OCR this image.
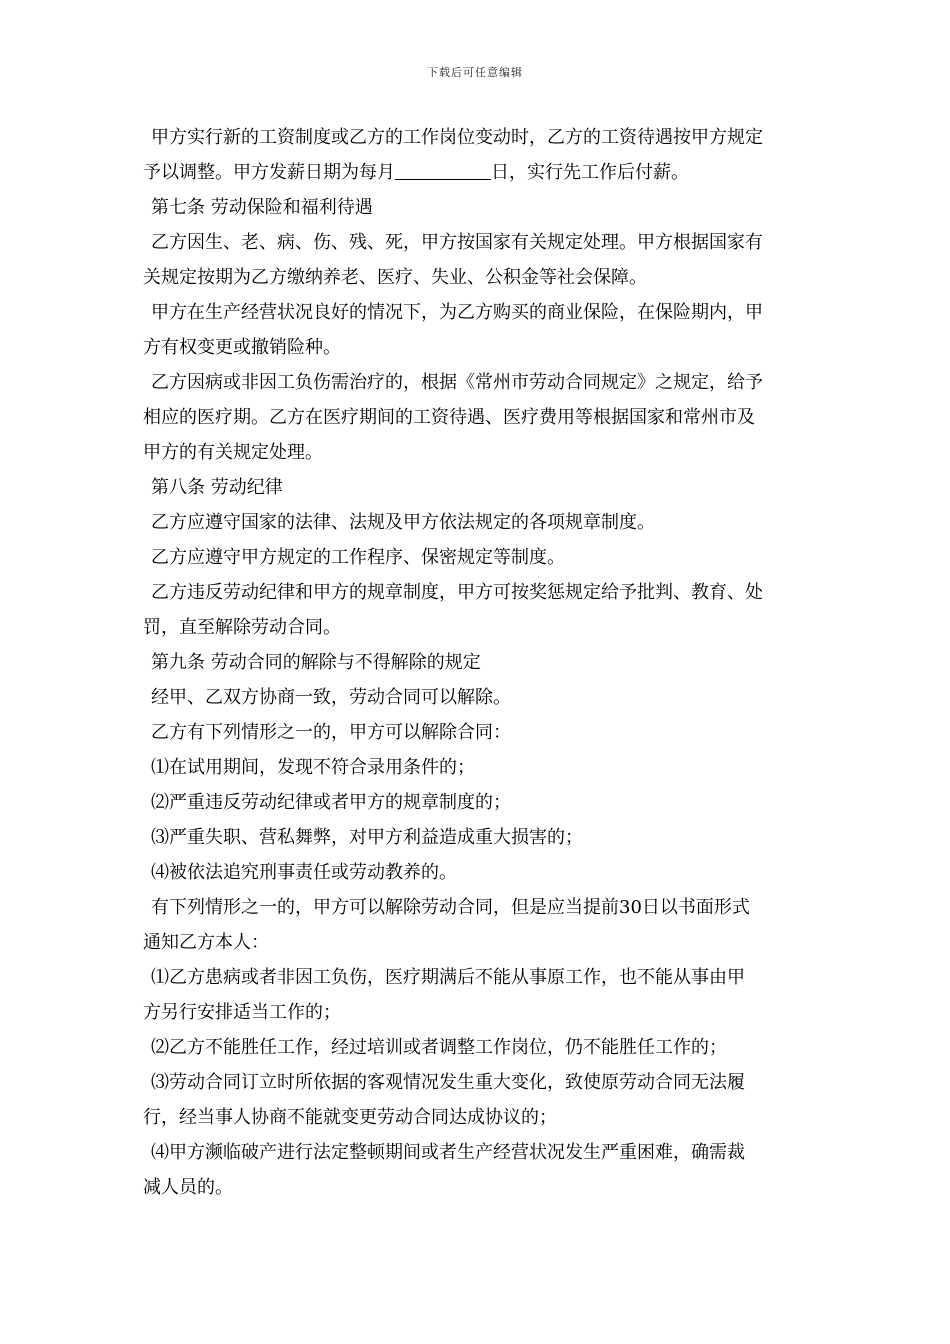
下载后可任意编辑
甲方实行新的工资制度或乙方的工作岗位变动时，乙方的工资待遇按甲方规定
予以调整。甲方发薪日期为每月	日，实行先工作后付薪。
第七条 劳动保险和福利待遇
乙方因生、老、病、伤、残、死，甲方按国家有关规定处理。甲方根据国家有
关规定按期为乙方缴纳养老、医疗、失业、公积金等社会保障。
甲方在生产经营状况良好的情况下，为乙方购买的商业保险，在保险期内，甲
方有权变更或撤销险种。
乙方因病或非因工负伤需治疗的，根据《常州市劳动合同规定》之规定，给予
相应的医疗期。乙方在医疗期间的工资待遇、医疗费用等根据国家和常州市及
甲方的有关规定处理。
第八条 劳动纪律
乙方应遵守国家的法律、法规及甲方依法规定的各项规章制度。
乙方应遵守甲方规定的工作程序、保密规定等制度。
乙方违反劳动纪律和甲方的规章制度，甲方可按奖惩规定给予批判、教育、处
罚，直至解除劳动合同。
第九条 劳动合同的解除与不得解除的规定
经甲、乙双方协商一致，劳动合同可以解除。
乙方有下列情形之一的，甲方可以解除合同：
⑴在试用期间，发现不符合录用条件的；
⑵严重违反劳动纪律或者甲方的规章制度的；
⑶严重失职、营私舞弊，对甲方利益造成重大损害的；
⑷被依法追究刑事责任或劳动教养的。
有下列情形之一的，甲方可以解除劳动合同，但是应当提前30日以书面形式
通知乙方本人：
⑴乙方患病或者非因工负伤，医疗期满后不能从事原工作，也不能从事由甲
方另行安排适当工作的；
⑵乙方不能胜任工作，经过培训或者调整工作岗位，仍不能胜任工作的；
⑶劳动合同订立时所依据的客观情况发生重大变化，致使原劳动合同无法履
行，经当事人协商不能就变更劳动合同达成协议的；
⑷甲方濒临破产进行法定整顿期间或者生产经营状况发生严重困难，确需裁
减人员的。
